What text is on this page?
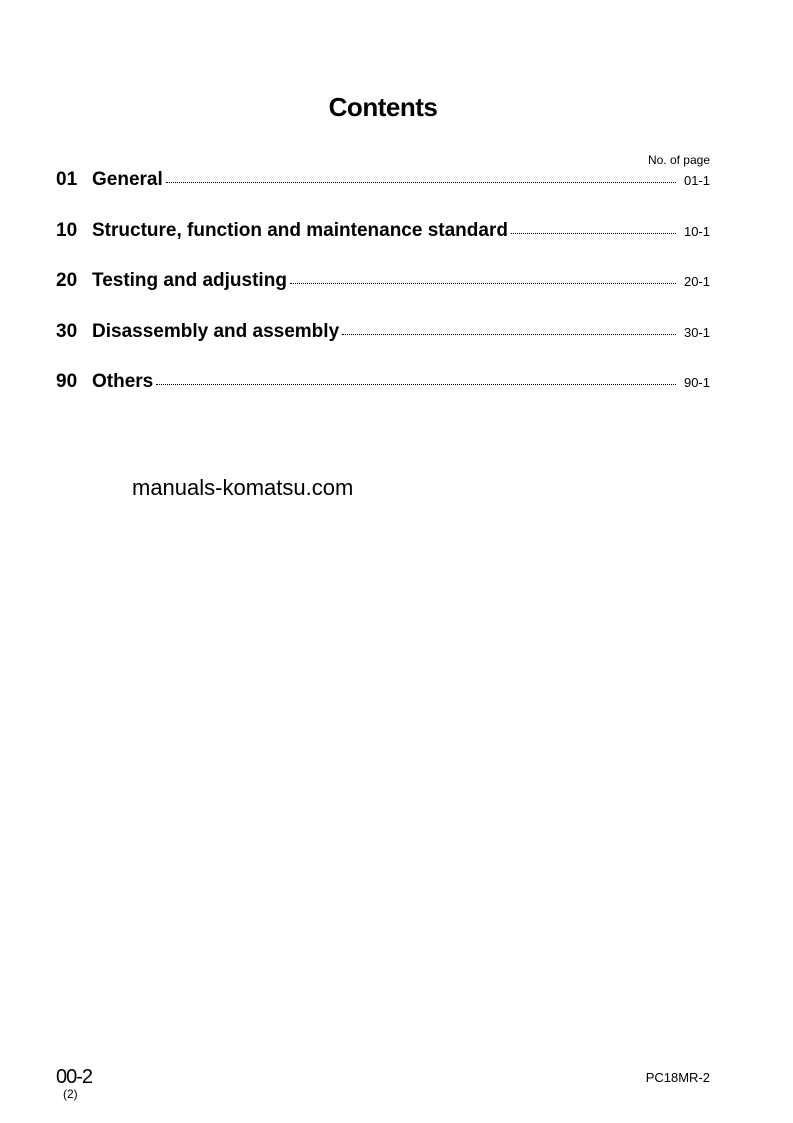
Contents
No. of page
01 General	01-1
10 Structure, function and maintenance standard	10-1
20 Testing and adjusting	20-1
30 Disassembly and assembly	30-1
90 Others	90-1
manuals-komatsu.com
00-2
(2)
PC18MR-2
